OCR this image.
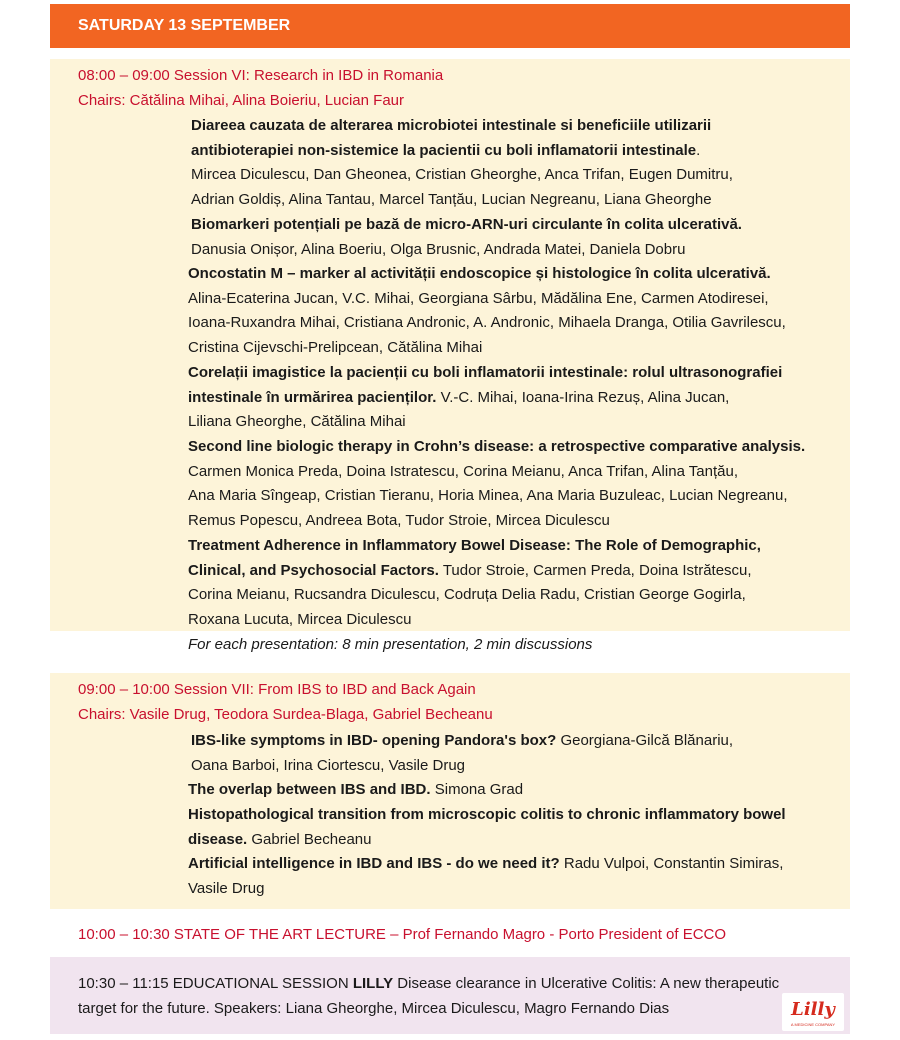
SATURDAY 13 SEPTEMBER
08:00 – 09:00 Session VI: Research in IBD in Romania
Chairs: Cătălina Mihai, Alina Boieriu, Lucian Faur
Diareea cauzata de alterarea microbiotei intestinale si beneficiile utilizarii
antibioterapiei non-sistemice la pacientii cu boli inflamatorii intestinale.
Mircea Diculescu, Dan Gheonea, Cristian Gheorghe, Anca Trifan, Eugen Dumitru,
Adrian Goldiș, Alina Tantau, Marcel Tanțău, Lucian Negreanu, Liana Gheorghe
Biomarkeri potențiali pe bază de micro-ARN-uri circulante în colita ulcerativă.
Danusia Onișor, Alina Boeriu, Olga Brusnic, Andrada Matei, Daniela Dobru
Oncostatin M – marker al activității endoscopice și histologice în colita ulcerativă.
Alina-Ecaterina Jucan, V.C. Mihai, Georgiana Sârbu, Mădălina Ene, Carmen Atodiresei,
Ioana-Ruxandra Mihai, Cristiana Andronic, A. Andronic, Mihaela Dranga, Otilia Gavrilescu,
Cristina Cijevschi-Prelipcean, Cătălina Mihai
Corelații imagistice la pacienții cu boli inflamatorii intestinale: rolul ultrasonografiei
intestinale în urmărirea pacienților. V.-C. Mihai, Ioana-Irina Rezuș, Alina Jucan,
Liliana Gheorghe, Cătălina Mihai
Second line biologic therapy in Crohn’s disease: a retrospective comparative analysis.
Carmen Monica Preda, Doina Istratescu, Corina Meianu, Anca Trifan, Alina Tanțău,
Ana Maria Sîngeap, Cristian Tieranu, Horia Minea, Ana Maria Buzuleac, Lucian Negreanu,
Remus Popescu, Andreea Bota, Tudor Stroie, Mircea Diculescu
Treatment Adherence in Inflammatory Bowel Disease: The Role of Demographic,
Clinical, and Psychosocial Factors. Tudor Stroie, Carmen Preda, Doina Istrătescu,
Corina Meianu, Rucsandra Diculescu, Codruța Delia Radu, Cristian George Gogirla,
Roxana Lucuta, Mircea Diculescu
For each presentation: 8 min presentation, 2 min discussions
09:00 – 10:00 Session VII: From IBS to IBD and Back Again
Chairs: Vasile Drug, Teodora Surdea-Blaga, Gabriel Becheanu
IBS-like symptoms in IBD- opening Pandora's box? Georgiana-Gilcă Blănariu,
Oana Barboi, Irina Ciortescu, Vasile Drug
The overlap between IBS and IBD. Simona Grad
Histopathological transition from microscopic colitis to chronic inflammatory bowel
disease. Gabriel Becheanu
Artificial intelligence in IBD and IBS - do we need it? Radu Vulpoi, Constantin Simiras,
Vasile Drug
10:00 – 10:30 STATE OF THE ART LECTURE – Prof Fernando Magro - Porto President of ECCO
10:30 – 11:15 EDUCATIONAL SESSION LILLY Disease clearance in Ulcerative Colitis: A new therapeutic
target for the future. Speakers: Liana Gheorghe, Mircea Diculescu, Magro Fernando Dias	Lilly
A MEDICINE COMPANY
